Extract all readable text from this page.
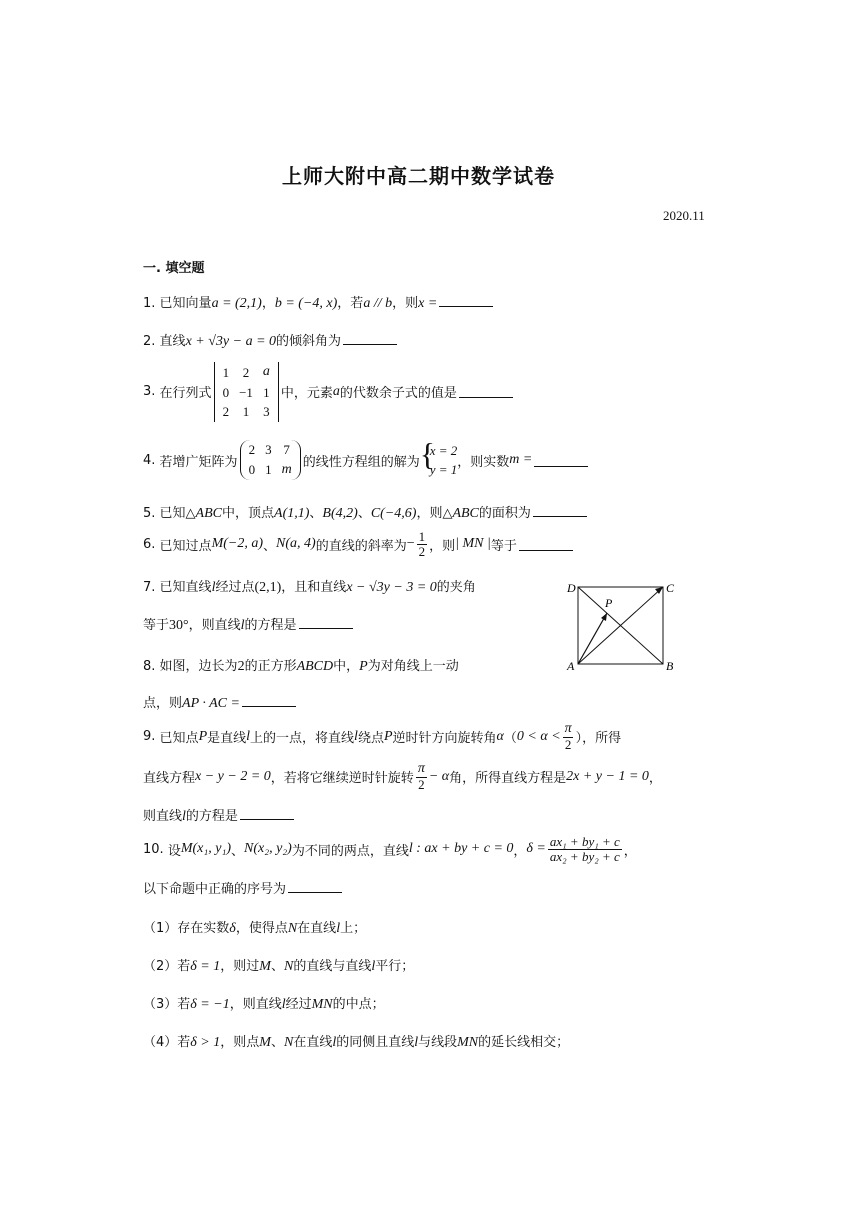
上师大附中高二期中数学试卷
2020.11
一. 填空题
1. 已知向量a = (2,1)，b = (−4, x)，若a // b，则x =
2. 直线x + √3y − a = 0的倾斜角为
3.
在行列式
1	2	a
0	−1	1
2	1	3
中，元素 a 的代数余子式的值是
4.
若增广矩阵为
2	3	7
0	1	m 的线性方程组的解为 {
x = 2
y = 1 ，则实数 m =
5. 已知△ABC中，顶点A(1,1)、B(4,2)、C(−4,6)，则△ABC的面积为
6.
已知过点 M(−2, a) 、 N(a, 4) 的直线的斜率为 − $\frac{1}{2}$ ，则 | MN | 等于
7. 已知直线l经过点(2,1)，且和直线x − √3y − 3 = 0的夹角
等于30°，则直线l的方程是
D	C
A	B
P
8. 如图，边长为2的正方形ABCD中，P为对角线上一动
点，则AP · AC =
9.
已知点 P 是直线 l 上的一点，将直线 l 绕点 P 逆时针方向旋转角 α （ $0 < \alpha < \frac{\pi}{2}$ ），所得
直线方程 x − y − 2 = 0 ，若将它继续逆时针旋转 $\frac{\pi}{2} - \alpha$ 角，所得直线方程是 2x + y − 1 = 0 ，
则直线l的方程是
10.
设 M(x₁, y₁) 、 N(x₂, y₂) 为不同的两点，直线 l : ax + by + c = 0 ， $\delta = \frac{\text{ax₁ + by₁ + c}}{\text{ax₂ + by₂ + c}}$ ，
以下命题中正确的序号为
（1）存在实数δ，使得点N在直线l上；
（2）若δ = 1，则过M、N的直线与直线l平行；
（3）若δ = −1，则直线l经过MN的中点；
（4）若δ > 1，则点M、N在直线l的同侧且直线l与线段MN的延长线相交；
